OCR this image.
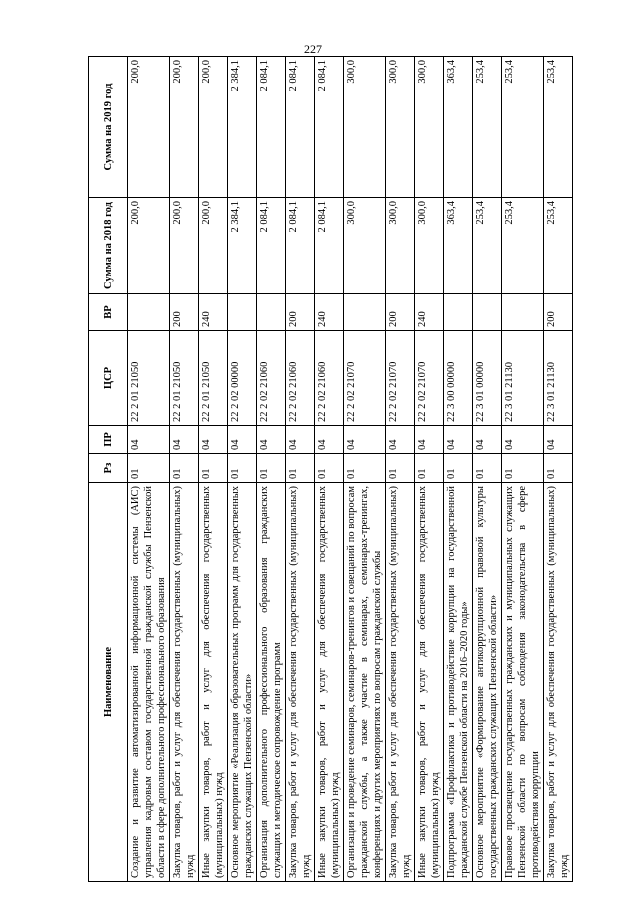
227
Наименование	Рз	ПР	ЦСР	ВР	Сумма на 2018 год	Сумма на 2019 год
Создание и развитие автоматизированной информационной системы (АИС) управления кадровым составом государственной гражданской службы Пензенской области в сфере дополнительного профессионального образования	01	04	22 2 01 21050		200,0	200,0
Закупка товаров, работ и услуг для обеспечения государственных (муниципальных) нужд	01	04	22 2 01 21050	200	200,0	200,0
Иные закупки товаров, работ и услуг для обеспечения государственных (муниципальных) нужд	01	04	22 2 01 21050	240	200,0	200,0
Основное мероприятие «Реализация образовательных программ для государственных гражданских служащих Пензенской области»	01	04	22 2 02 00000		2 384,1	2 384,1
Организация дополнительного профессионального образования гражданских служащих и методическое сопровождение программ	01	04	22 2 02 21060		2 084,1	2 084,1
Закупка товаров, работ и услуг для обеспечения государственных (муниципальных) нужд	01	04	22 2 02 21060	200	2 084,1	2 084,1
Иные закупки товаров, работ и услуг для обеспечения государственных (муниципальных) нужд	01	04	22 2 02 21060	240	2 084,1	2 084,1
Организация и проведение семинаров, семинаров-тренингов и совещаний по вопросам гражданской службы, а также участие в семинарах, семинарах-тренингах, конференциях и других мероприятиях по вопросам гражданской службы	01	04	22 2 02 21070		300,0	300,0
Закупка товаров, работ и услуг для обеспечения государственных (муниципальных) нужд	01	04	22 2 02 21070	200	300,0	300,0
Иные закупки товаров, работ и услуг для обеспечения государственных (муниципальных) нужд	01	04	22 2 02 21070	240	300,0	300,0
Подпрограмма «Профилактика и противодействие коррупции на государственной гражданской службе Пензенской области на 2016–2020 годы»	01	04	22 3 00 00000		363,4	363,4
Основное мероприятие «Формирование антикоррупционной правовой культуры государственных гражданских служащих Пензенской области»	01	04	22 3 01 00000		253,4	253,4
Правовое просвещение государственных гражданских и муниципальных служащих Пензенской области по вопросам соблюдения законодательства в сфере противодействия коррупции	01	04	22 3 01 21130		253,4	253,4
Закупка товаров, работ и услуг для обеспечения государственных (муниципальных) нужд	01	04	22 3 01 21130	200	253,4	253,4
